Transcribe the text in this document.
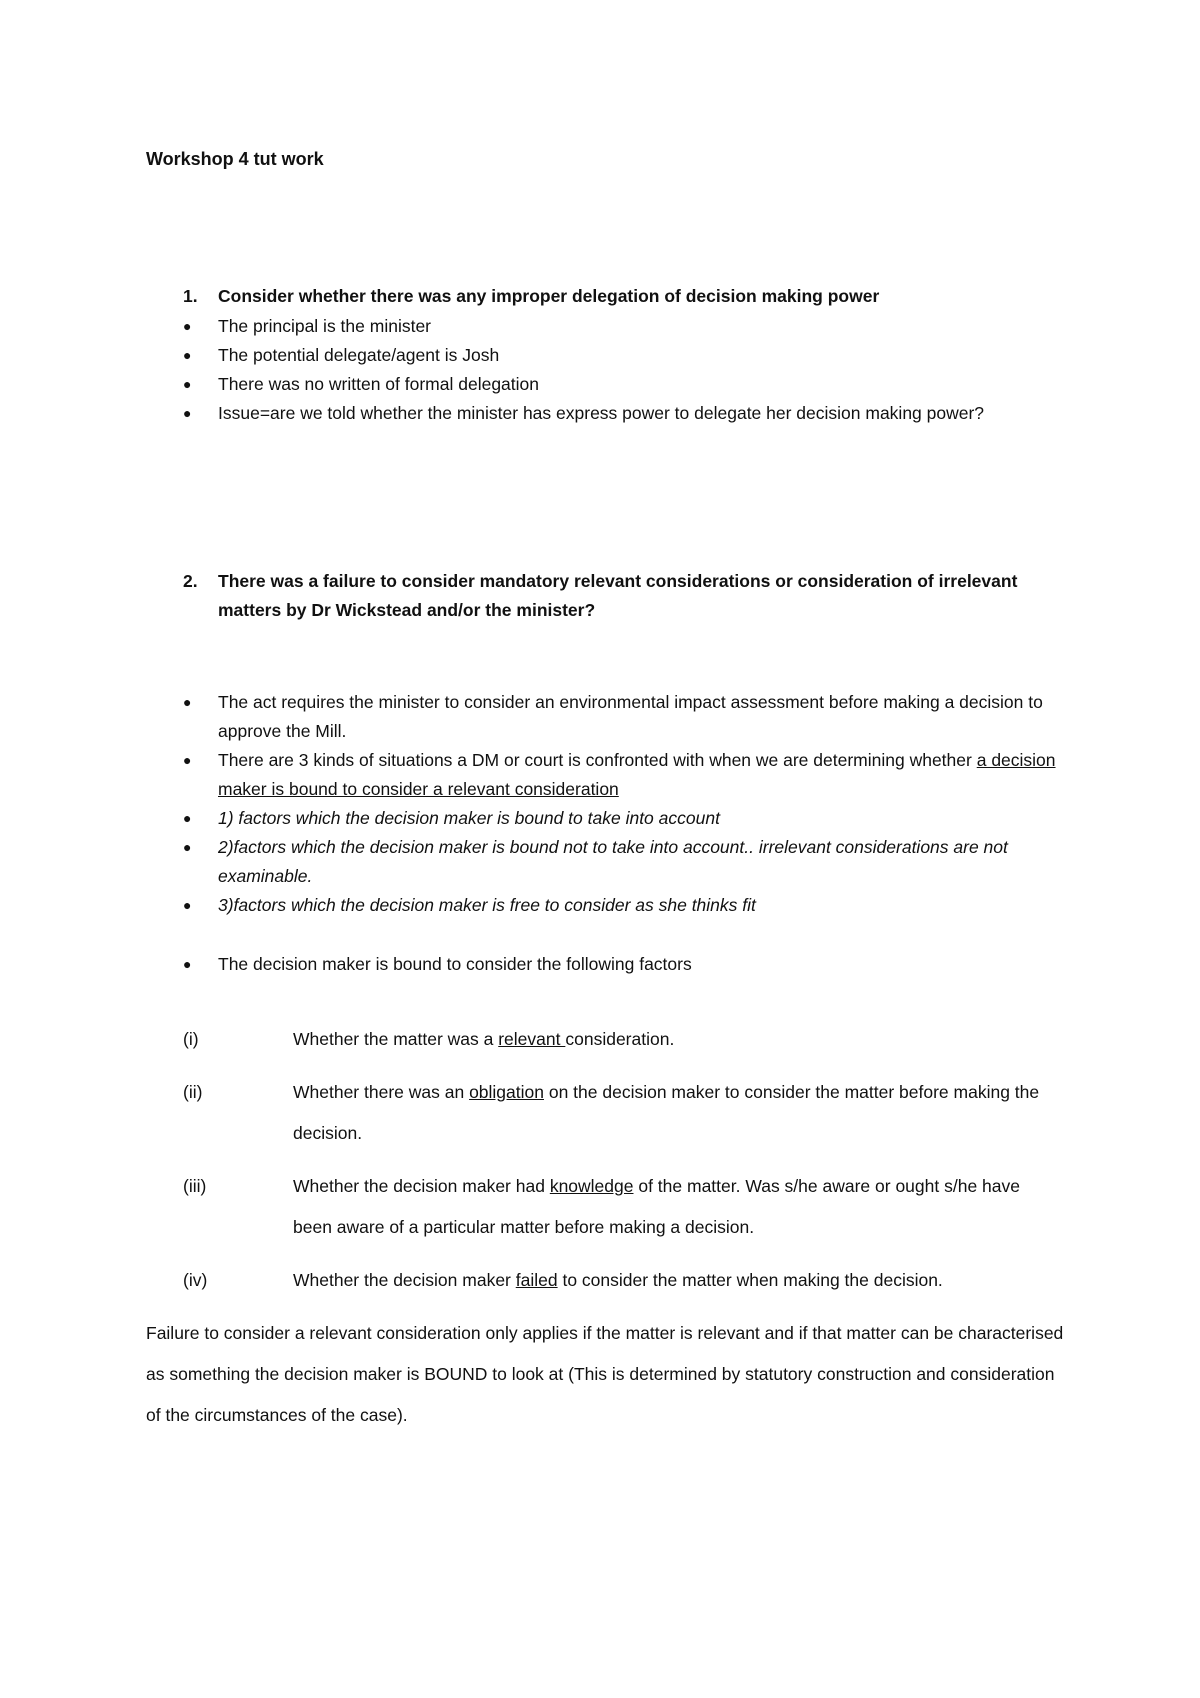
Workshop 4 tut work
1. Consider whether there was any improper delegation of decision making power
● The principal is the minister
● The potential delegate/agent is Josh
● There was no written of formal delegation
● Issue=are we told whether the minister has express power to delegate her decision making power?
2. There was a failure to consider mandatory relevant considerations or consideration of irrelevant matters by Dr Wickstead and/or the minister?
● The act requires the minister to consider an environmental impact assessment before making a decision to approve the Mill.
● There are 3 kinds of situations a DM or court is confronted with when we are determining whether a decision maker is bound to consider a relevant consideration
● 1) factors which the decision maker is bound to take into account
● 2)factors which the decision maker is bound not to take into account.. irrelevant considerations are not examinable.
● 3)factors which the decision maker is free to consider as she thinks fit
● The decision maker is bound to consider the following factors
(i)	Whether the matter was a relevant consideration.
(ii)	Whether there was an obligation on the decision maker to consider the matter before making the decision.
(iii)	Whether the decision maker had knowledge of the matter. Was s/he aware or ought s/he have been aware of a particular matter before making a decision.
(iv)	Whether the decision maker failed to consider the matter when making the decision.
Failure to consider a relevant consideration only applies if the matter is relevant and if that matter can be characterised as something the decision maker is BOUND to look at (This is determined by statutory construction and consideration of the circumstances of the case).
